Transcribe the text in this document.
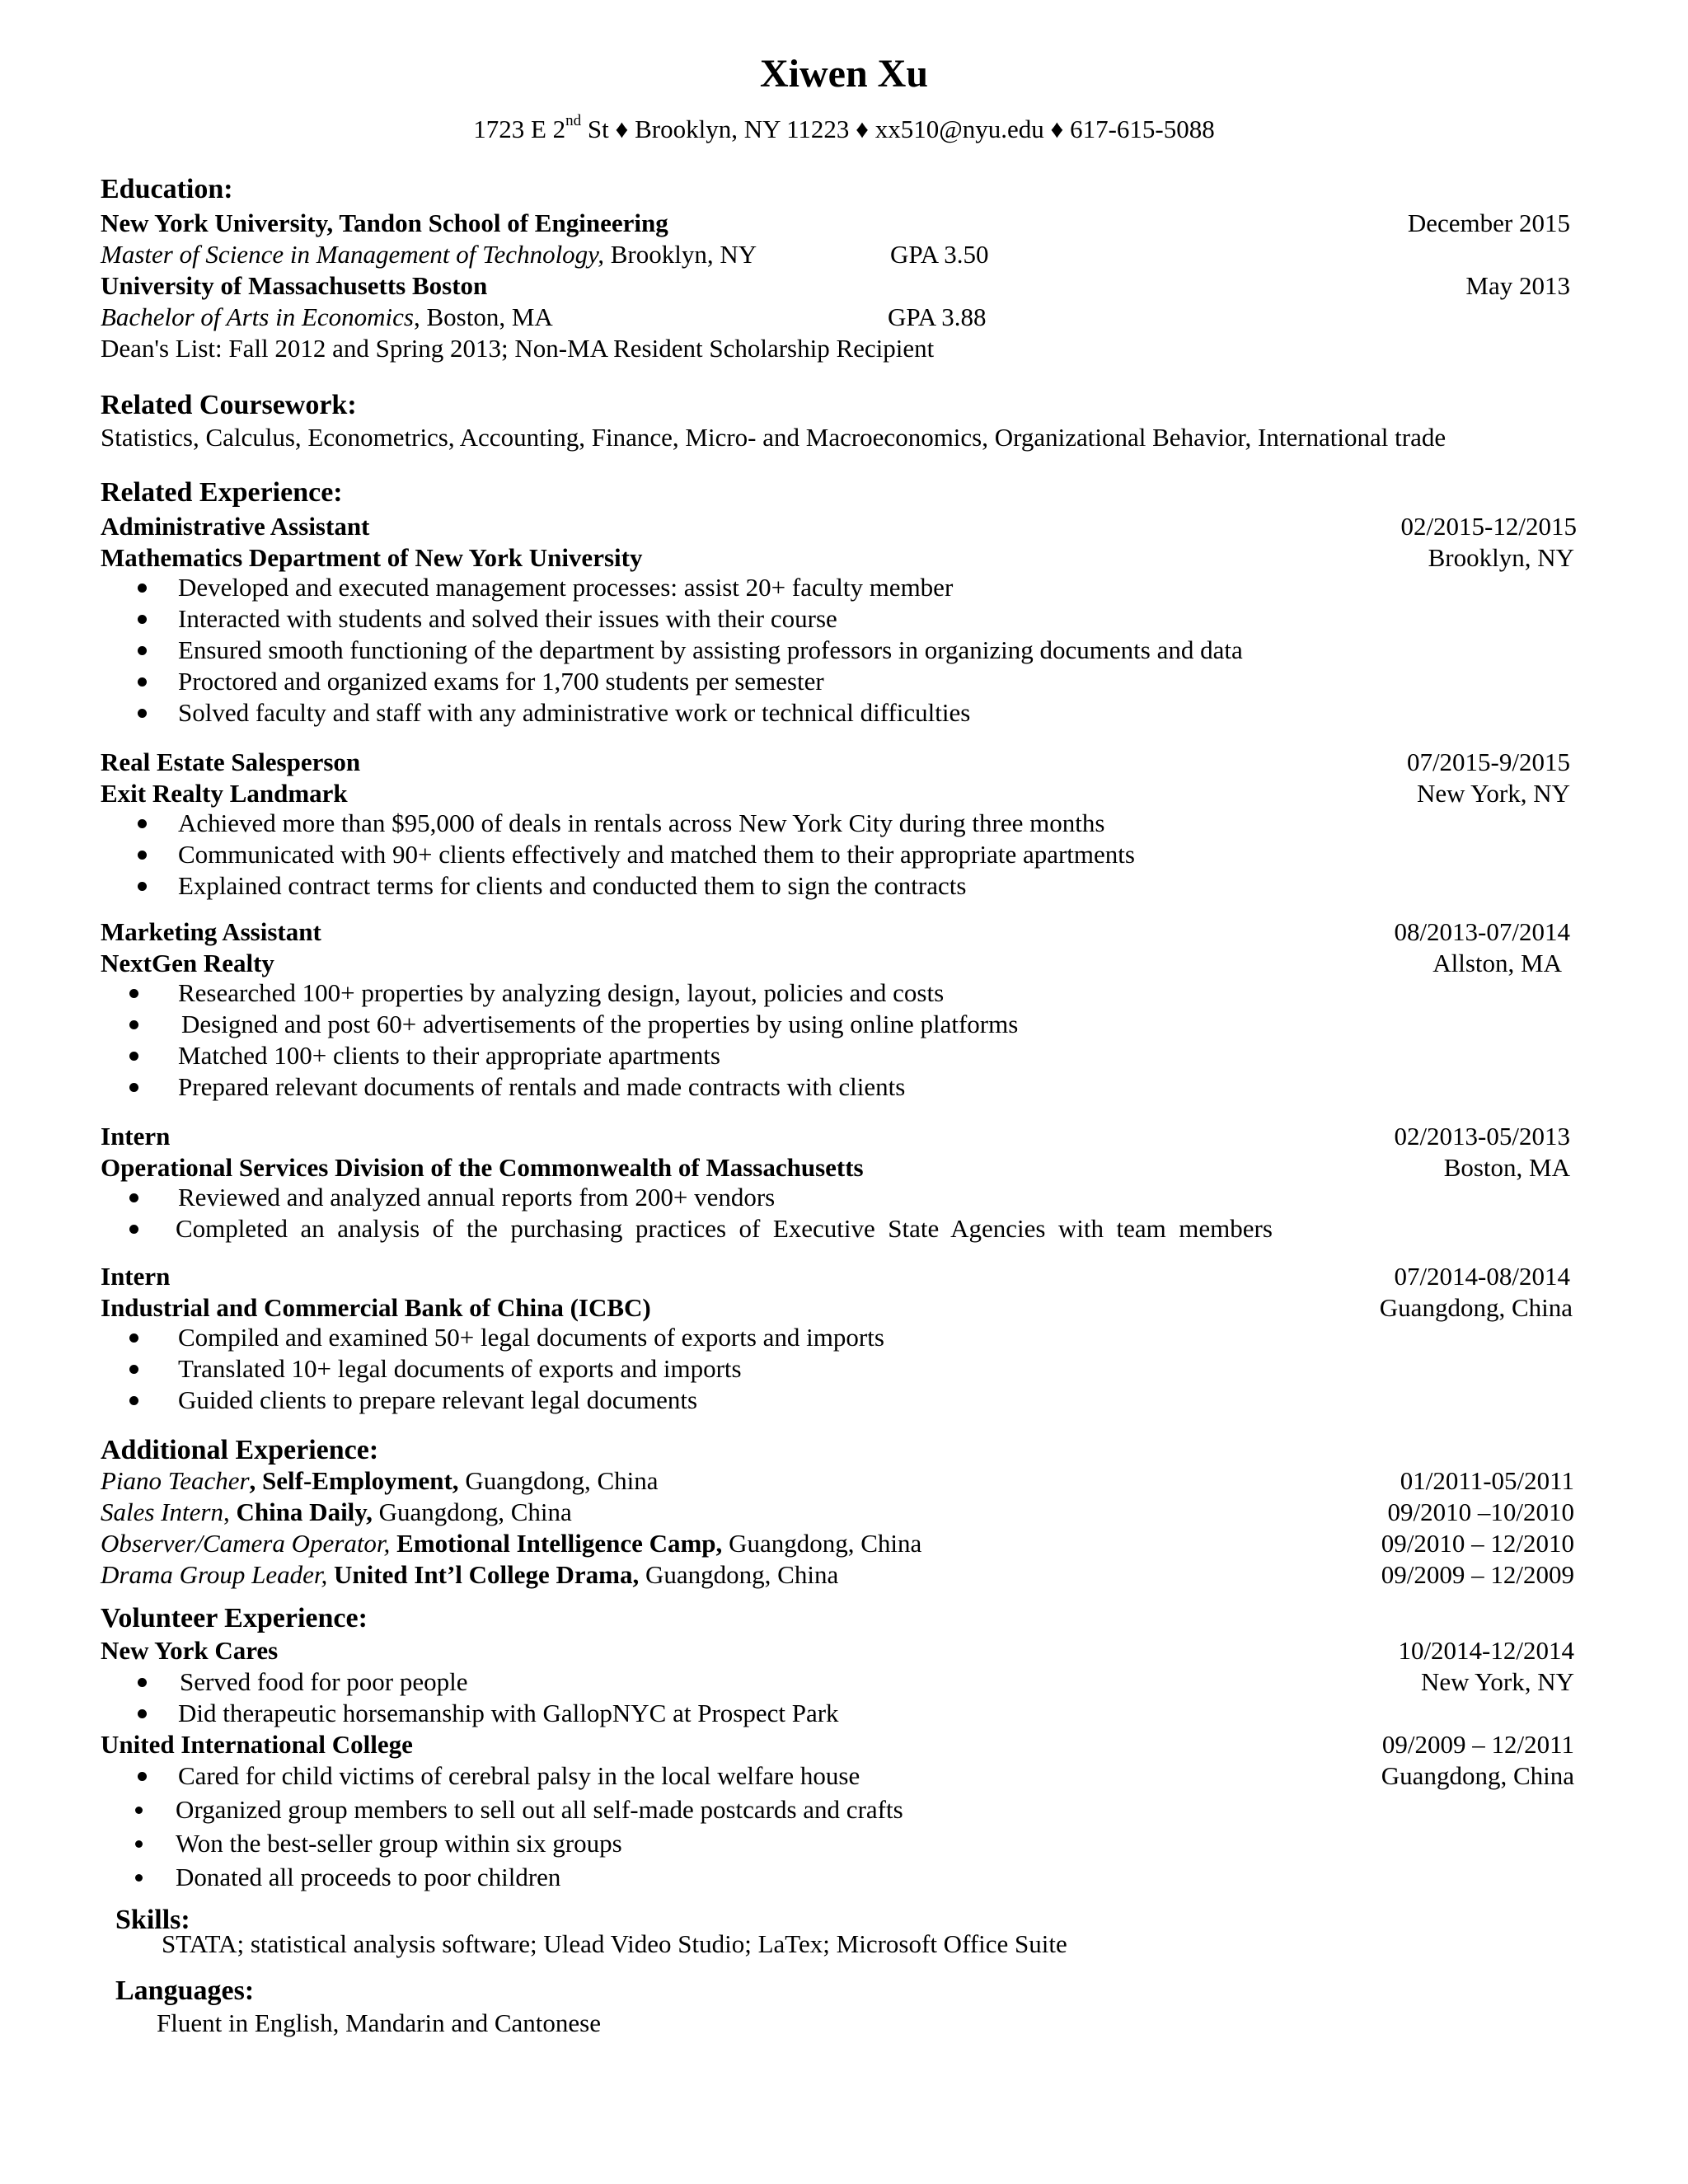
Xiwen Xu
1723 E 2nd St ♦ Brooklyn, NY 11223 ♦ xx510@nyu.edu ♦ 617-615-5088
Education:
New York University, Tandon School of Engineering	December 2015
Master of Science in Management of Technology, Brooklyn, NY	GPA 3.50
University of Massachusetts Boston	May 2013
Bachelor of Arts in Economics, Boston, MA	GPA 3.88
Dean's List: Fall 2012 and Spring 2013; Non-MA Resident Scholarship Recipient
Related Coursework:
Statistics, Calculus, Econometrics, Accounting, Finance, Micro- and Macroeconomics, Organizational Behavior, International trade
Related Experience:
Administrative Assistant	02/2015-12/2015
Mathematics Department of New York University	Brooklyn, NY
Developed and executed management processes: assist 20+ faculty member
Interacted with students and solved their issues with their course
Ensured smooth functioning of the department by assisting professors in organizing documents and data
Proctored and organized exams for 1,700 students per semester
Solved faculty and staff with any administrative work or technical difficulties
Real Estate Salesperson	07/2015-9/2015
Exit Realty Landmark	New York, NY
Achieved more than $95,000 of deals in rentals across New York City during three months
Communicated with 90+ clients effectively and matched them to their appropriate apartments
Explained contract terms for clients and conducted them to sign the contracts
Marketing Assistant	08/2013-07/2014
NextGen Realty	Allston, MA
Researched 100+ properties by analyzing design, layout, policies and costs
Designed and post 60+ advertisements of the properties by using online platforms
Matched 100+ clients to their appropriate apartments
Prepared relevant documents of rentals and made contracts with clients
Intern	02/2013-05/2013
Operational Services Division of the Commonwealth of Massachusetts	Boston, MA
Reviewed and analyzed annual reports from 200+ vendors
Completed  an  analysis  of  the  purchasing  practices  of  Executive  State  Agencies  with  team  members
Intern	07/2014-08/2014
Industrial and Commercial Bank of China (ICBC)	Guangdong, China
Compiled and examined 50+ legal documents of exports and imports
Translated 10+ legal documents of exports and imports
Guided clients to prepare relevant legal documents
Additional Experience:
Piano Teacher, Self-Employment, Guangdong, China	01/2011-05/2011
Sales Intern, China Daily, Guangdong, China	09/2010 –10/2010
Observer/Camera Operator, Emotional Intelligence Camp, Guangdong, China	09/2010 – 12/2010
Drama Group Leader, United Int’l College Drama, Guangdong, China	09/2009 – 12/2009
Volunteer Experience:
New York Cares	10/2014-12/2014
Served food for poor people	New York, NY
Did therapeutic horsemanship with GallopNYC at Prospect Park
United International College	09/2009 – 12/2011
Cared for child victims of cerebral palsy in the local welfare house	Guangdong, China
Organized group members to sell out all self-made postcards and crafts
Won the best-seller group within six groups
Donated all proceeds to poor children
Skills:
STATA; statistical analysis software; Ulead Video Studio; LaTex; Microsoft Office Suite
Languages:
Fluent in English, Mandarin and Cantonese
